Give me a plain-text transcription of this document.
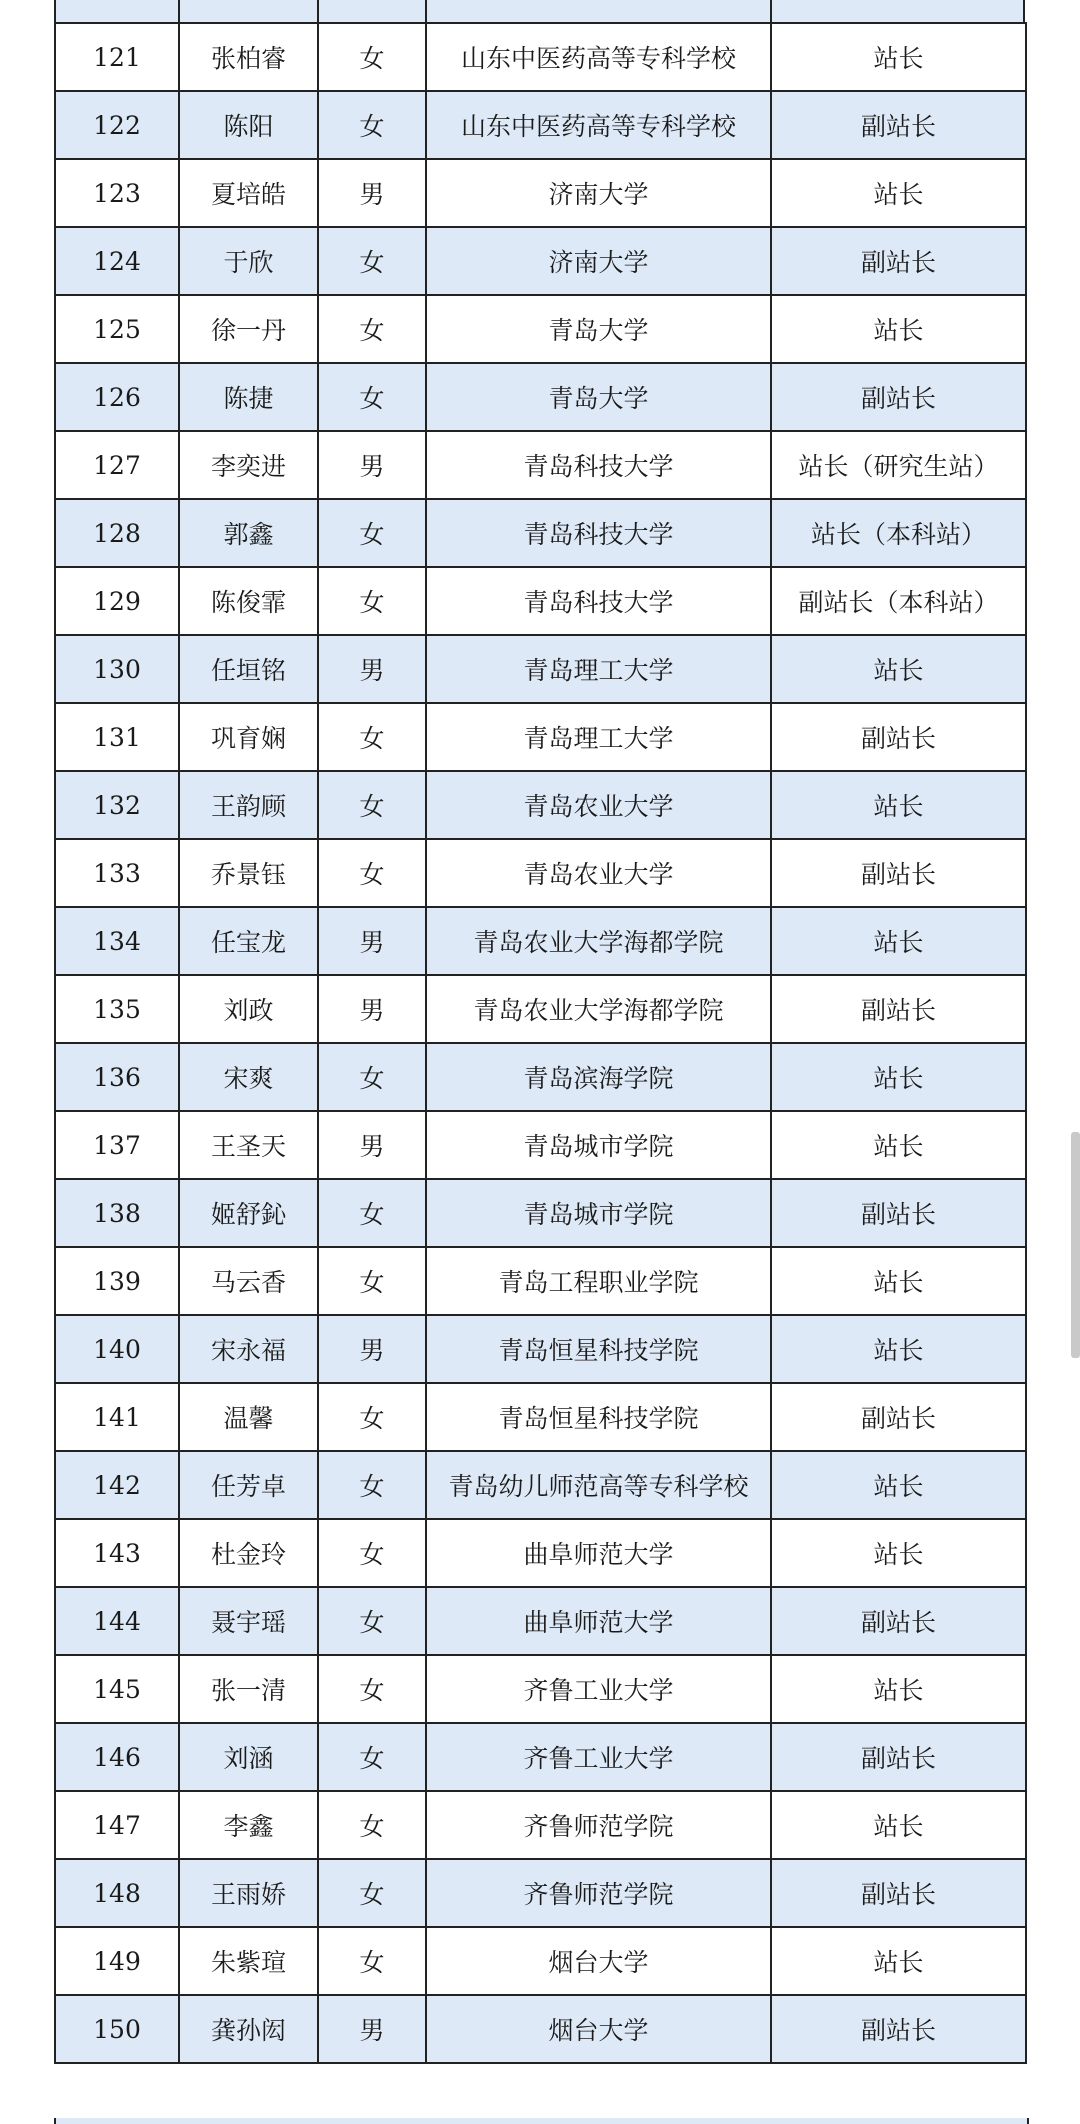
121	张柏睿	女	山东中医药高等专科学校	站长
122	陈阳	女	山东中医药高等专科学校	副站长
123	夏培皓	男	济南大学	站长
124	于欣	女	济南大学	副站长
125	徐一丹	女	青岛大学	站长
126	陈捷	女	青岛大学	副站长
127	李奕进	男	青岛科技大学	站长（研究生站）
128	郭鑫	女	青岛科技大学	站长（本科站）
129	陈俊霏	女	青岛科技大学	副站长（本科站）
130	任垣铭	男	青岛理工大学	站长
131	巩育娴	女	青岛理工大学	副站长
132	王韵顾	女	青岛农业大学	站长
133	乔景钰	女	青岛农业大学	副站长
134	任宝龙	男	青岛农业大学海都学院	站长
135	刘政	男	青岛农业大学海都学院	副站长
136	宋爽	女	青岛滨海学院	站长
137	王圣天	男	青岛城市学院	站长
138	姬舒鈊	女	青岛城市学院	副站长
139	马云香	女	青岛工程职业学院	站长
140	宋永福	男	青岛恒星科技学院	站长
141	温馨	女	青岛恒星科技学院	副站长
142	任芳卓	女	青岛幼儿师范高等专科学校	站长
143	杜金玲	女	曲阜师范大学	站长
144	聂宇瑶	女	曲阜师范大学	副站长
145	张一清	女	齐鲁工业大学	站长
146	刘涵	女	齐鲁工业大学	副站长
147	李鑫	女	齐鲁师范学院	站长
148	王雨娇	女	齐鲁师范学院	副站长
149	朱紫瑄	女	烟台大学	站长
150	龚孙闳	男	烟台大学	副站长
